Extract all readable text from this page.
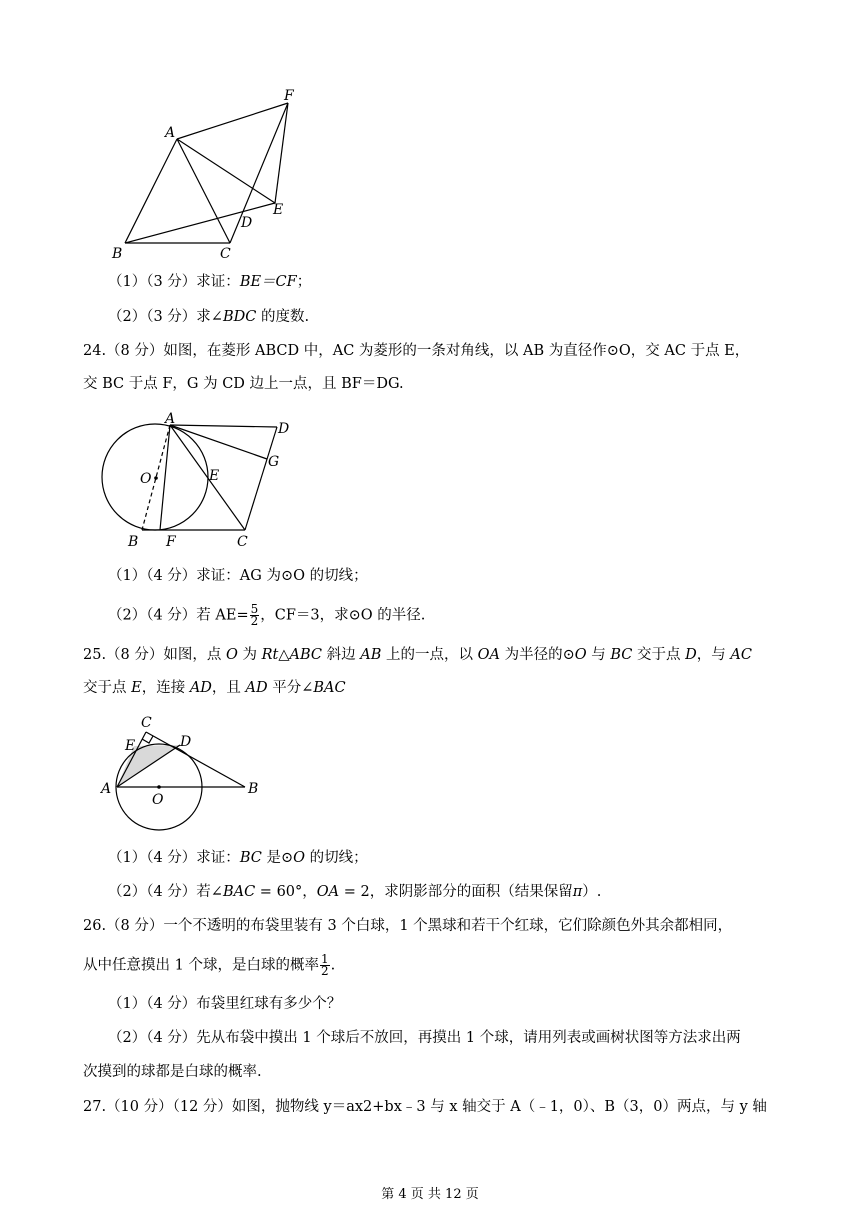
A
B	C
D
E
F
（1）（3 分）求证：BE＝CF；
（2）（3 分）求∠BDC 的度数.
24.（8 分）如图，在菱形 ABCD 中，AC 为菱形的一条对角线，以 AB 为直径作⊙O，交 AC 于点 E，
交 BC 于点 F，G 为 CD 边上一点，且 BF＝DG.
A
D
G
E
O
B F	C
（1）（4 分）求证：AG 为⊙O 的切线；
（2）（4 分）若 $AE= \frac{5}{2}$ ，CF＝3，求⊙O 的半径.
25.（8 分）如图，点 O 为 Rt△ABC 斜边 AB 上的一点，以 OA 为半径的⊙O 与 BC 交于点 D，与 AC
交于点 E，连接 AD，且 AD 平分∠BAC
C
E	D
A
O
B
（1）（4 分）求证：BC 是⊙O 的切线；
（2）（4 分）若∠BAC = 60°，OA = 2，求阴影部分的面积（结果保留π）.
26.（8 分）一个不透明的布袋里装有 3 个白球，1 个黑球和若干个红球，它们除颜色外其余都相同，
从中任意摸出 1 个球，是白球的概率 $\frac{1}{2}$ .
（1）（4 分）布袋里红球有多少个？
（2）（4 分）先从布袋中摸出 1 个球后不放回，再摸出 1 个球，请用列表或画树状图等方法求出两
次摸到的球都是白球的概率.
27.（10 分）（12 分）如图，抛物线 y＝ax2+bx﹣3 与 x 轴交于 A（﹣1，0）、B（3，0）两点，与 y 轴
第 4 页 共 12 页
